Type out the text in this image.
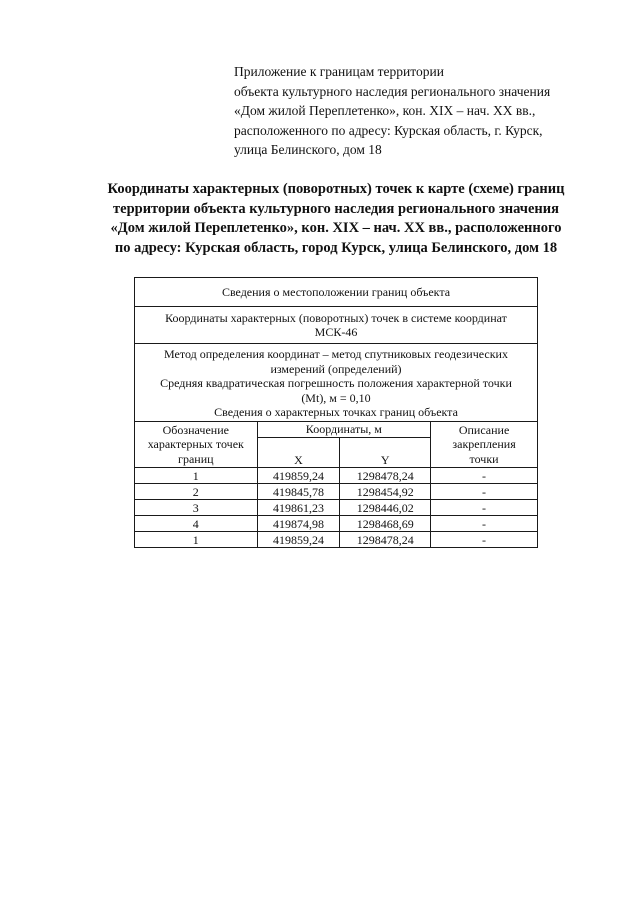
Приложение к границам территории
объекта культурного наследия регионального значения
«Дом жилой Переплетенко», кон. XIX – нач. XX вв.,
расположенного по адресу: Курская область, г. Курск,
улица Белинского, дом 18
Координаты характерных (поворотных) точек к карте (схеме) границ
территории объекта культурного наследия регионального значения
«Дом жилой Переплетенко», кон. XIX – нач. XX вв., расположенного
по адресу: Курская область, город Курск, улица Белинского, дом 18
Сведения о местоположении границ объекта			
Координаты характерных (поворотных) точек в системе координат МСК-46			

Метод определения координат – метод спутниковых геодезических
измерений (определений)
Средняя квадратическая погрешность положения характерной точки
(Mt), м = 0,10
Сведения о характерных точках границ объекта			

Обозначение характерных точек границ	Координаты, м		Описание закрепления точки
	X	Y	
1	419859,24	1298478,24	-
2	419845,78	1298454,92	-
3	419861,23	1298446,02	-
4	419874,98	1298468,69	-
1	419859,24	1298478,24	-
